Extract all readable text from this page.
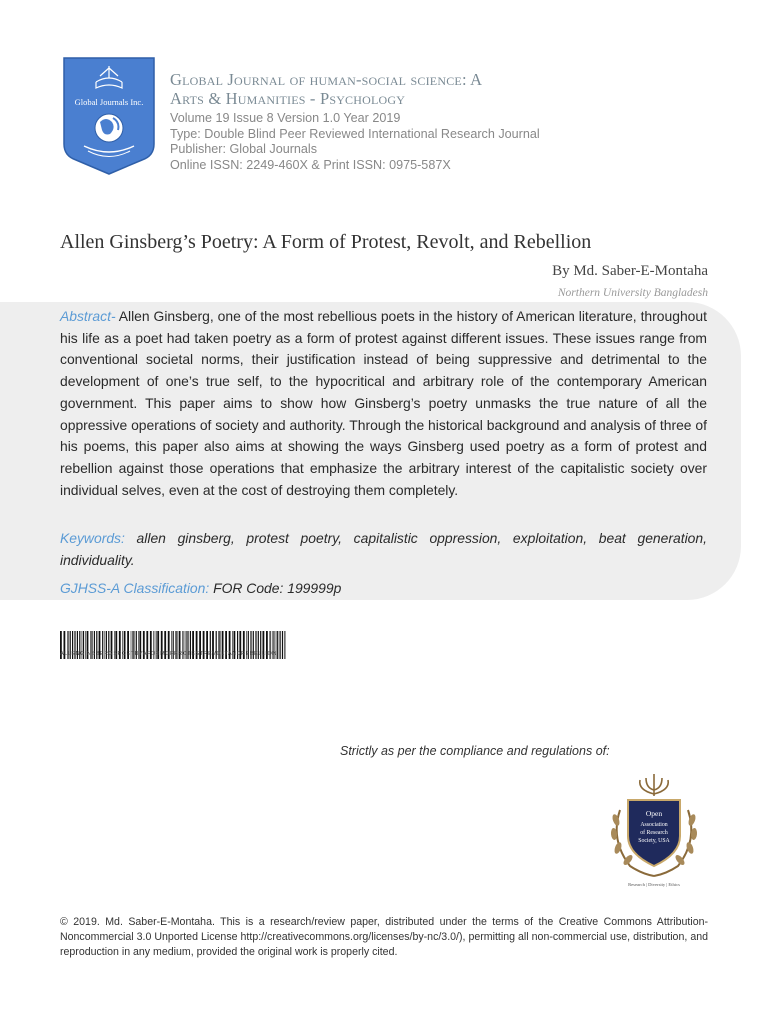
Global Journals Inc.
Global Journal of human-social science: A
Arts & Humanities - Psychology
Volume 19 Issue 8 Version 1.0 Year 2019
Type: Double Blind Peer Reviewed International Research Journal
Publisher: Global Journals
Online ISSN: 2249-460X & Print ISSN: 0975-587X
Allen Ginsberg’s Poetry: A Form of Protest, Revolt, and Rebellion
By Md. Saber-E-Montaha
Northern University Bangladesh
Abstract- Allen Ginsberg, one of the most rebellious poets in the history of American literature, throughout his life as a poet had taken poetry as a form of protest against different issues. These issues range from conventional societal norms, their justification instead of being suppressive and detrimental to the development of one’s true self, to the hypocritical and arbitrary role of the contemporary American government. This paper aims to show how Ginsberg’s poetry unmasks the true nature of all the oppressive operations of society and authority. Through the historical background and analysis of three of his poems, this paper also aims at showing the ways Ginsberg used poetry as a form of protest and rebellion against those operations that emphasize the arbitrary interest of the capitalistic society over individual selves, even at the cost of destroying them completely.
Keywords: allen ginsberg, protest poetry, capitalistic oppression, exploitation, beat generation, individuality.
GJHSS-A Classification: FOR Code: 199999p
ALLENGINSBERGSPOETRYAFORMOFPROTESTREVOLTANDREBELLION
Strictly as per the compliance and regulations of:
Open
Association
of Research
Society, USA
Research | Diversity | Ethics
© 2019. Md. Saber-E-Montaha. This is a research/review paper, distributed under the terms of the Creative Commons Attribution-Noncommercial 3.0 Unported License http://creativecommons.org/licenses/by-nc/3.0/), permitting all non-commercial use, distribution, and reproduction in any medium, provided the original work is properly cited.
